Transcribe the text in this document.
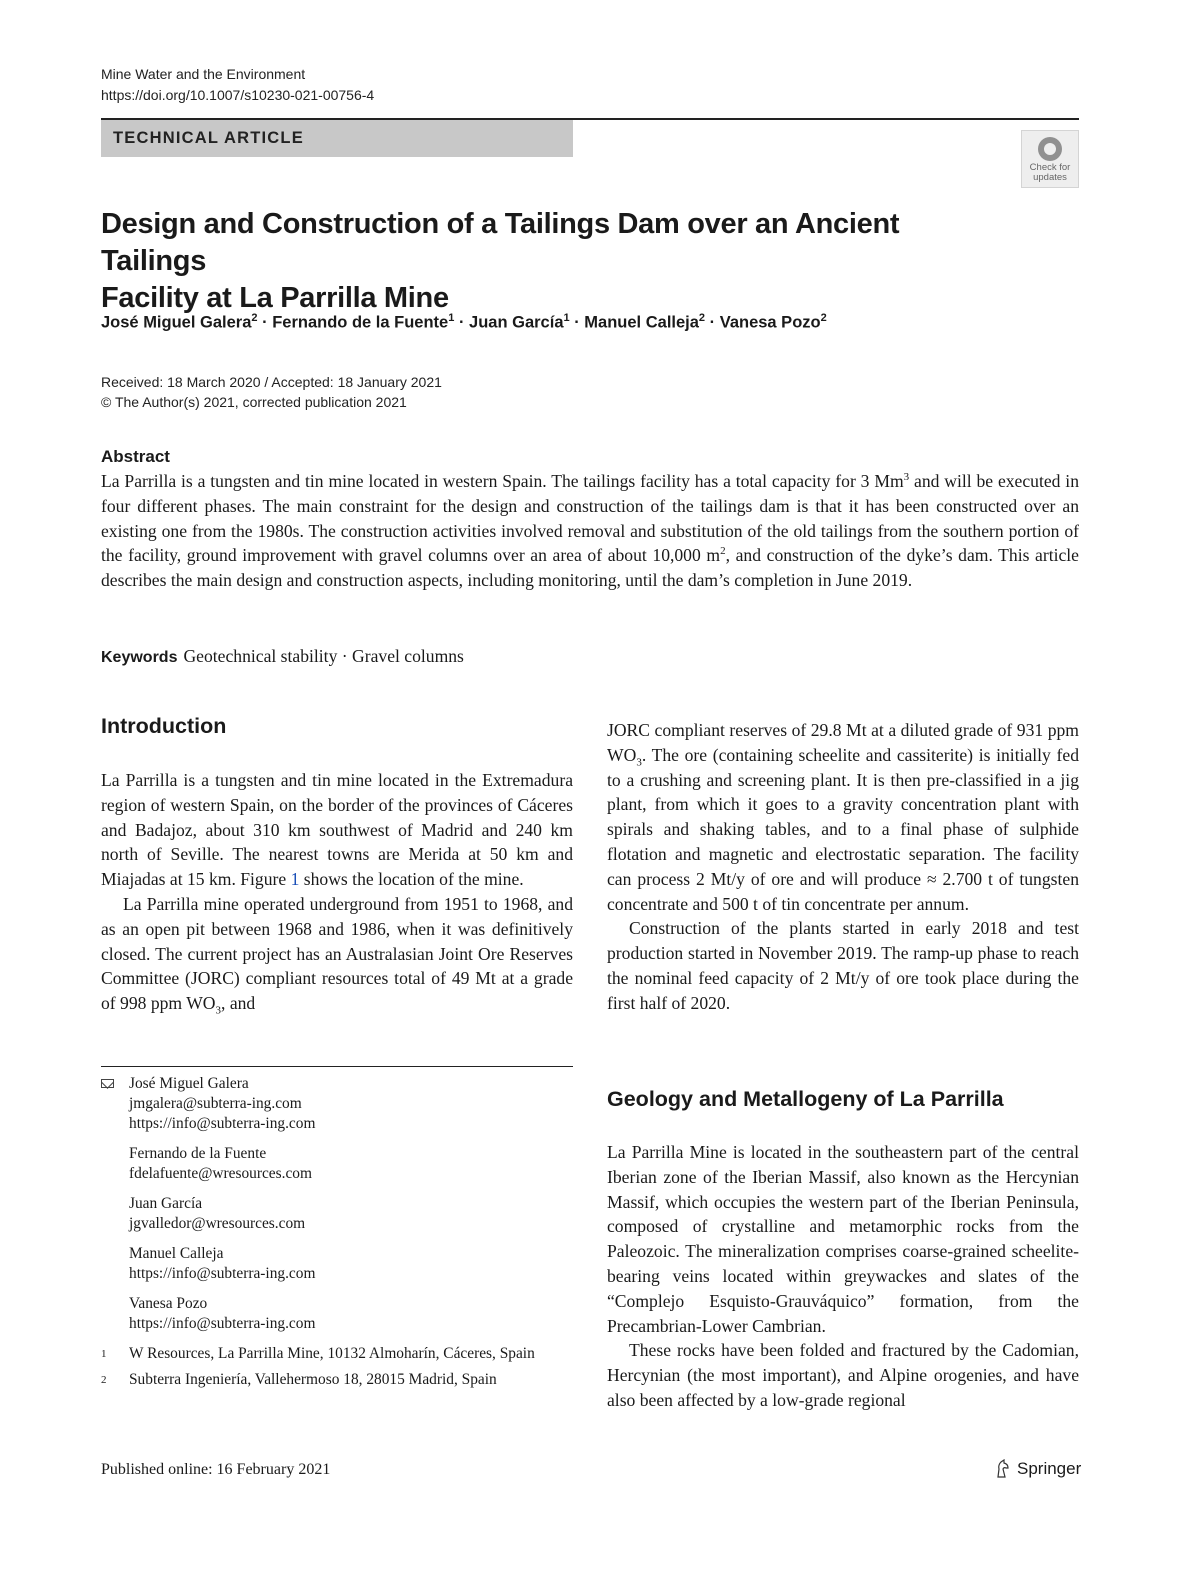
Mine Water and the Environment
https://doi.org/10.1007/s10230-021-00756-4
TECHNICAL ARTICLE
Check for
updates
Design and Construction of a Tailings Dam over an Ancient Tailings
Facility at La Parrilla Mine
José Miguel Galera$^2$ · Fernando de la Fuente$^1$ · Juan García$^1$ · Manuel Calleja$^2$ · Vanesa Pozo$^2$
Received: 18 March 2020 / Accepted: 18 January 2021
© The Author(s) 2021, corrected publication 2021
Abstract
La Parrilla is a tungsten and tin mine located in western Spain. The tailings facility has a total capacity for 3 Mm$^3$ and will be executed in four different phases. The main constraint for the design and construction of the tailings dam is that it has been constructed over an existing one from the 1980s. The construction activities involved removal and substitution of the old tailings from the southern portion of the facility, ground improvement with gravel columns over an area of about 10,000 $m^2$, and construction of the dyke’s dam. This article describes the main design and construction aspects, including monitoring, until the dam’s completion in June 2019.
Keywords Geotechnical stability · Gravel columns
Introduction

La Parrilla is a tungsten and tin mine located in the Extremadura region of western Spain, on the border of the provinces of Cáceres and Badajoz, about 310 km southwest of Madrid and 240 km north of Seville. The nearest towns are Merida at 50 km and Miajadas at 15 km. Figure 1 shows the location of the mine.

La Parrilla mine operated underground from 1951 to 1968, and as an open pit between 1968 and 1986, when it was definitively closed. The current project has an Australasian Joint Ore Reserves Committee (JORC) compliant resources total of 49 Mt at a grade of 998 ppm $WO_3$, and

JORC compliant reserves of 29.8 Mt at a diluted grade of 931 ppm $WO_3$. The ore (containing scheelite and cassiterite) is initially fed to a crushing and screening plant. It is then pre-classified in a jig plant, from which it goes to a gravity concentration plant with spirals and shaking tables, and to a final phase of sulphide flotation and magnetic and electrostatic separation. The facility can process 2 Mt/y of ore and will produce ≈ 2.700 t of tungsten concentrate and 500 t of tin concentrate per annum.

Construction of the plants started in early 2018 and test production started in November 2019. The ramp-up phase to reach the nominal feed capacity of 2 Mt/y of ore took place during the first half of 2020.

Geology and Metallogeny of La Parrilla

La Parrilla Mine is located in the southeastern part of the central Iberian zone of the Iberian Massif, also known as the Hercynian Massif, which occupies the western part of the Iberian Peninsula, composed of crystalline and metamorphic rocks from the Paleozoic. The mineralization comprises coarse-grained scheelite-bearing veins located within greywackes and slates of the “Complejo Esquisto-Grauváquico” formation, from the Precambrian-Lower Cambrian.

These rocks have been folded and fractured by the Cadomian, Hercynian (the most important), and Alpine orogenies, and have also been affected by a low-grade regional

José Miguel Galera
jmgalera@subterra-ing.com
https://info@subterra-ing.com
Fernando de la Fuente
fdelafuente@wresources.com
Juan García
jgvalledor@wresources.com
Manuel Calleja
https://info@subterra-ing.com
Vanesa Pozo
https://info@subterra-ing.com
1	W Resources, La Parrilla Mine, 10132 Almoharín, Cáceres, Spain
2	Subterra Ingeniería, Vallehermoso 18, 28015 Madrid, Spain
Published online: 16 February 2021	Springer
